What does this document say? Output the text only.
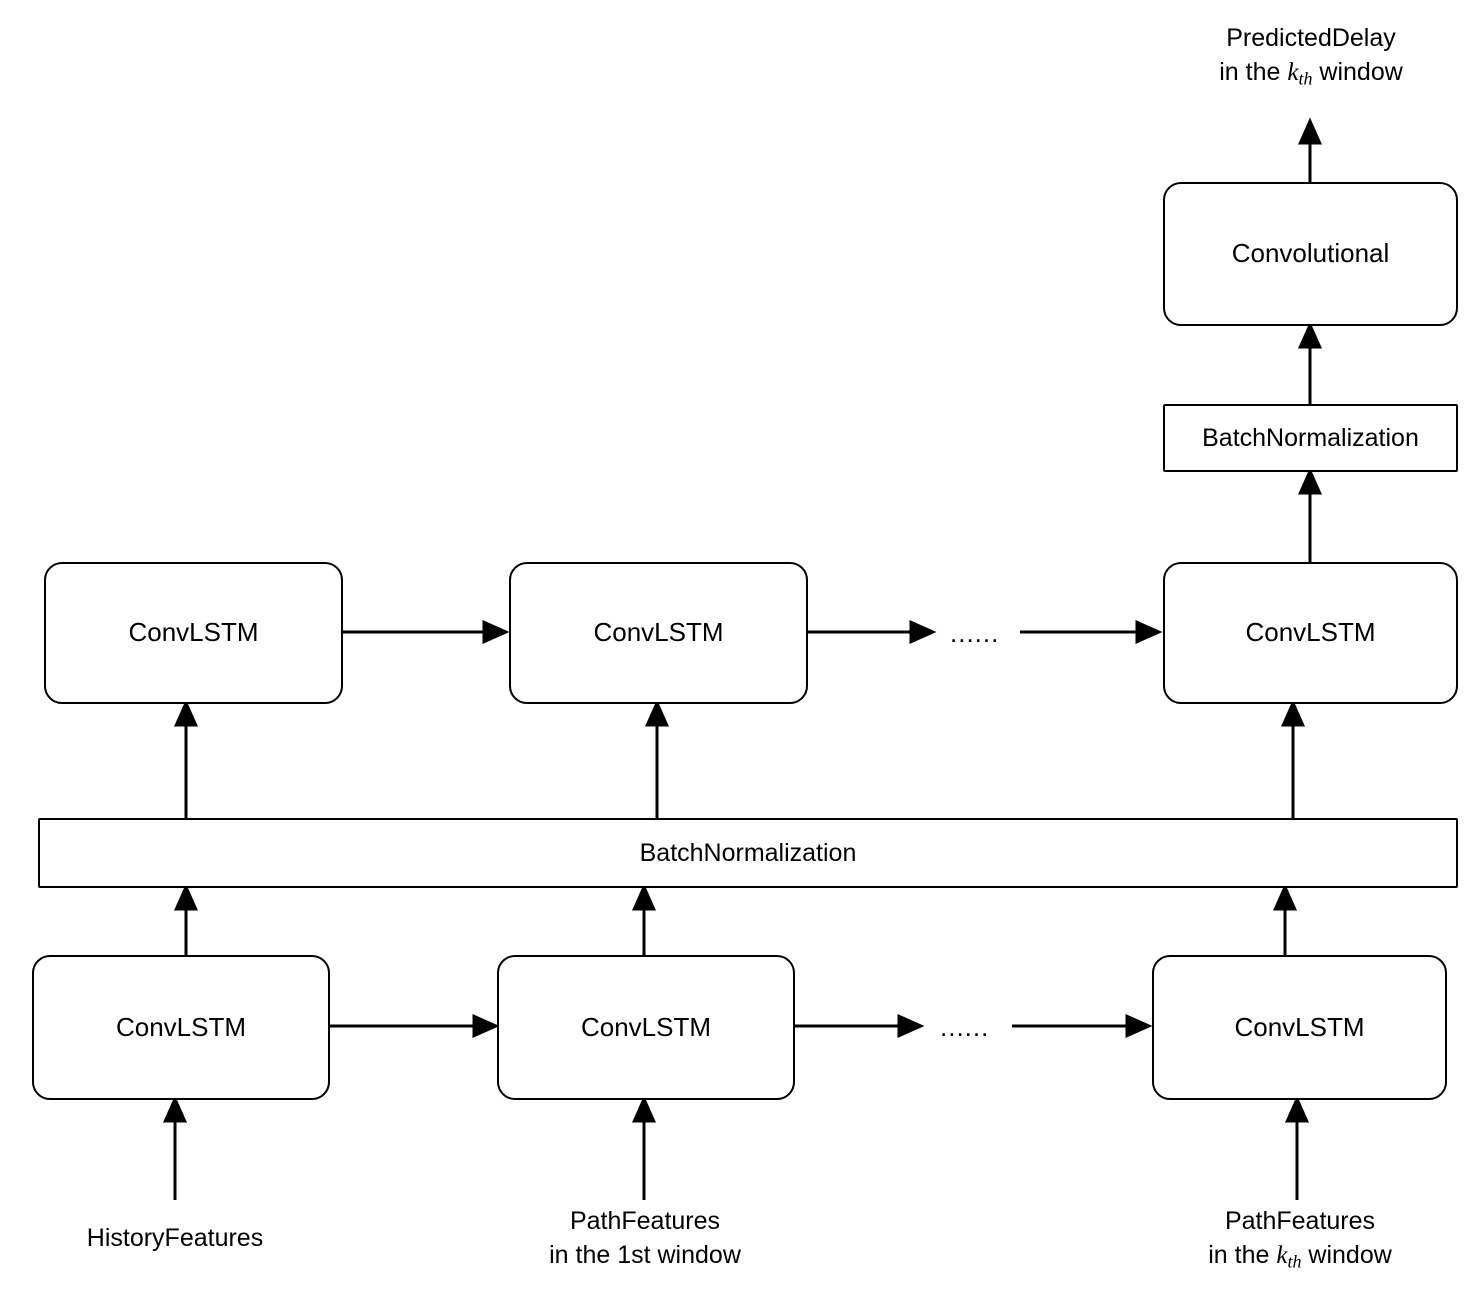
PredictedDelay
in the $k_{th}$ window
Convolutional
BatchNormalization
ConvLSTM	ConvLSTM	ConvLSTM
......
BatchNormalization
ConvLSTM	ConvLSTM	ConvLSTM
......
HistoryFeatures
PathFeatures
in the 1st window
PathFeatures
in the $k_{th}$ window
